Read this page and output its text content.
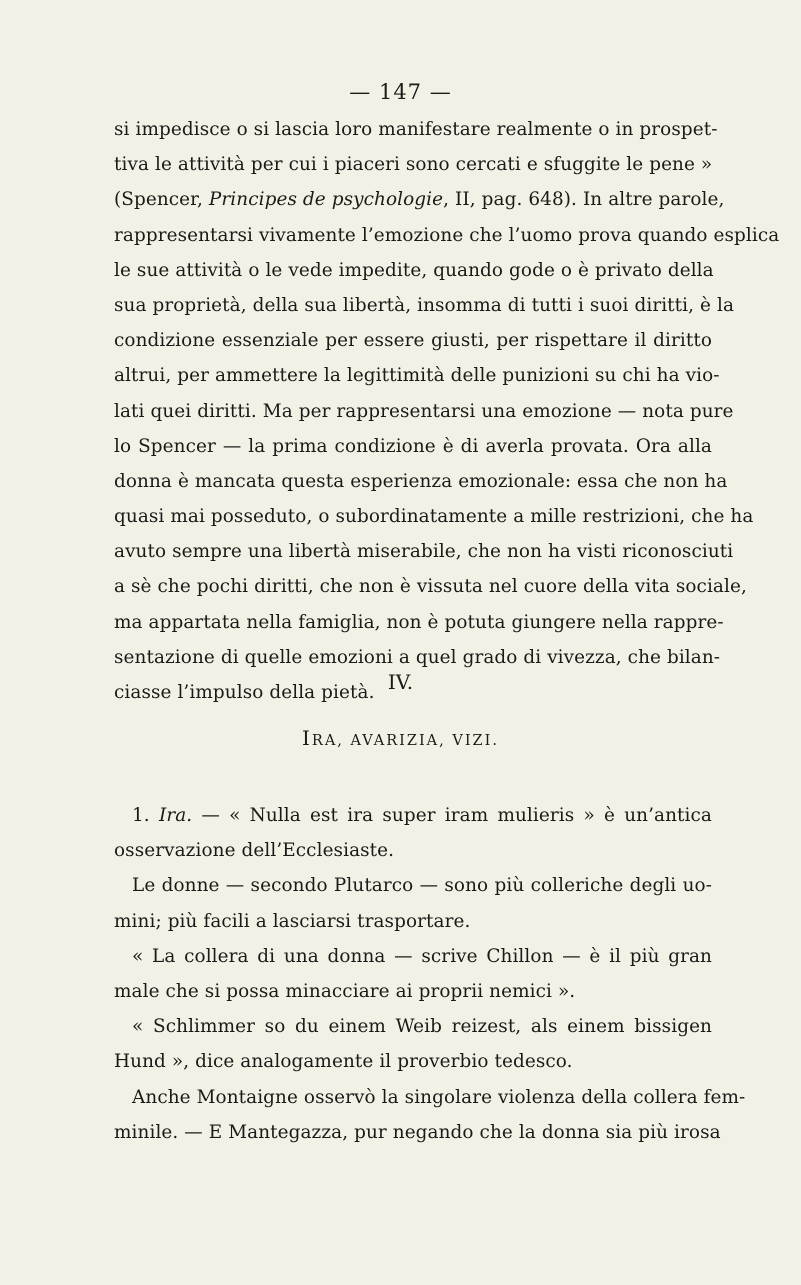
— 147 —
si impedisce o si lascia loro manifestare realmente o in prospet-
tiva le attività per cui i piaceri sono cercati e sfuggite le pene »
(Spencer, Principes de psychologie, II, pag. 648). In altre parole,
rappresentarsi vivamente l’emozione che l’uomo prova quando esplica
le sue attività o le vede impedite, quando gode o è privato della
sua proprietà, della sua libertà, insomma di tutti i suoi diritti, è la
condizione essenziale per essere giusti, per rispettare il diritto
altrui, per ammettere la legittimità delle punizioni su chi ha vio-
lati quei diritti. Ma per rappresentarsi una emozione — nota pure
lo Spencer — la prima condizione è di averla provata. Ora alla
donna è mancata questa esperienza emozionale: essa che non ha
quasi mai posseduto, o subordinatamente a mille restrizioni, che ha
avuto sempre una libertà miserabile, che non ha visti riconosciuti
a sè che pochi diritti, che non è vissuta nel cuore della vita sociale,
ma appartata nella famiglia, non è potuta giungere nella rappre-
sentazione di quelle emozioni a quel grado di vivezza, che bilan-
ciasse l’impulso della pietà. IV.
IRA, AVARIZIA, VIZI.
1. Ira. — « Nulla est ira super iram mulieris » è un’antica
osservazione dell’Ecclesiaste.
Le donne — secondo Plutarco — sono più colleriche degli uo-
mini; più facili a lasciarsi trasportare.
« La collera di una donna — scrive Chillon — è il più gran
male che si possa minacciare ai proprii nemici ».
« Schlimmer so du einem Weib reizest, als einem bissigen
Hund », dice analogamente il proverbio tedesco.
Anche Montaigne osservò la singolare violenza della collera fem-
minile. — E Mantegazza, pur negando che la donna sia più irosa
